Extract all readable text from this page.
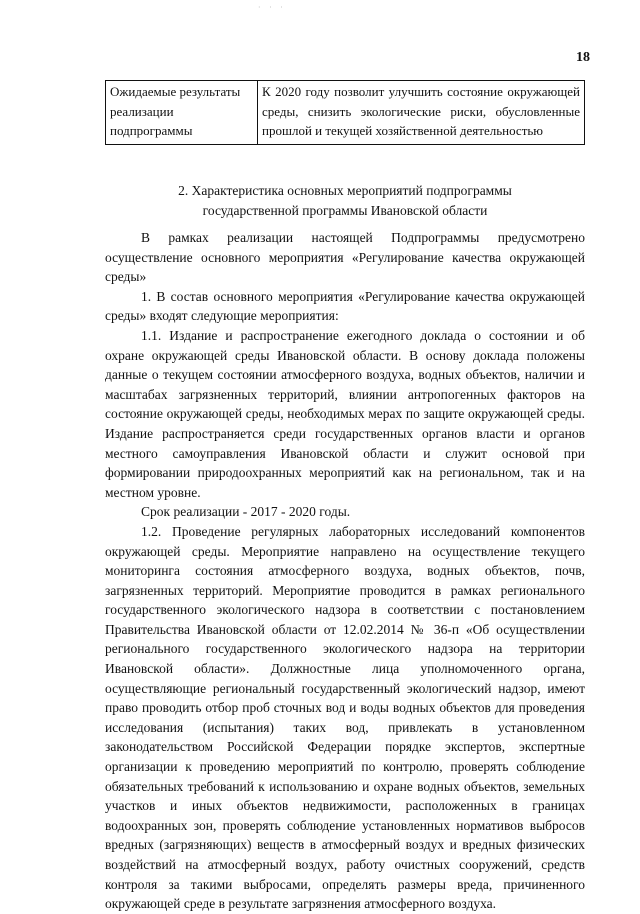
· · ·
18
Ожидаемые результаты реализации подпрограммы	К 2020 году позволит улучшить состояние окружающей среды, снизить экологические риски, обусловленные прошлой и текущей хозяйственной деятельностью
2. Характеристика основных мероприятий подпрограммы
государственной программы Ивановской области

В рамках реализации настоящей Подпрограммы предусмотрено осуществление основного мероприятия «Регулирование качества окружающей среды»

1. В состав основного мероприятия «Регулирование качества окружающей среды» входят следующие мероприятия:

1.1. Издание и распространение ежегодного доклада о состоянии и об охране окружающей среды Ивановской области. В основу доклада положены данные о текущем состоянии атмосферного воздуха, водных объектов, наличии и масштабах загрязненных территорий, влиянии антропогенных факторов на состояние окружающей среды, необходимых мерах по защите окружающей среды. Издание распространяется среди государственных органов власти и органов местного самоуправления Ивановской области и служит основой при формировании природоохранных мероприятий как на региональном, так и на местном уровне.

Срок реализации - 2017 - 2020 годы.

1.2. Проведение регулярных лабораторных исследований компонентов окружающей среды. Мероприятие направлено на осуществление текущего мониторинга состояния атмосферного воздуха, водных объектов, почв, загрязненных территорий. Мероприятие проводится в рамках регионального государственного экологического надзора в соответствии с постановлением Правительства Ивановской области от 12.02.2014 № 36-п «Об осуществлении регионального государственного экологического надзора на территории Ивановской области». Должностные лица уполномоченного органа, осуществляющие региональный государственный экологический надзор, имеют право проводить отбор проб сточных вод и воды водных объектов для проведения исследования (испытания) таких вод, привлекать в установленном законодательством Российской Федерации порядке экспертов, экспертные организации к проведению мероприятий по контролю, проверять соблюдение обязательных требований к использованию и охране водных объектов, земельных участков и иных объектов недвижимости, расположенных в границах водоохранных зон, проверять соблюдение установленных нормативов выбросов вредных (загрязняющих) веществ в атмосферный воздух и вредных физических воздействий на атмосферный воздух, работу очистных сооружений, средств контроля за такими выбросами, определять размеры вреда, причиненного окружающей среде в результате загрязнения атмосферного воздуха.
